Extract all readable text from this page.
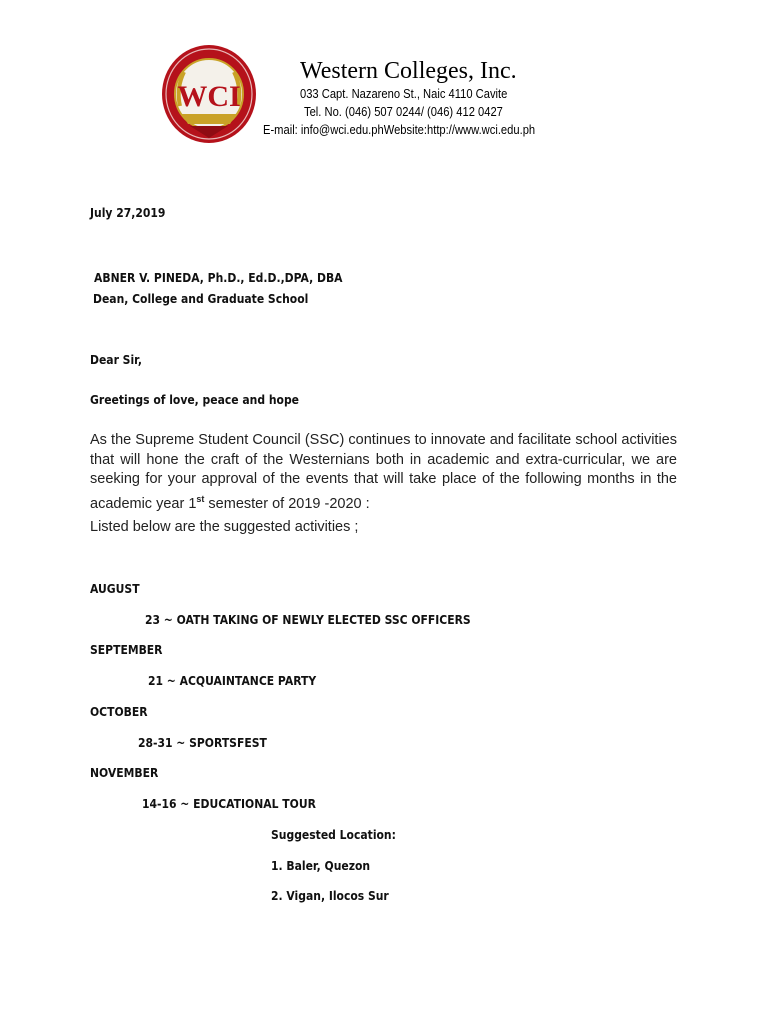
WCI
Western Colleges, Inc.
033 Capt. Nazareno St., Naic 4110 Cavite
Tel. No. (046) 507 0244/ (046) 412 0427
E-mail: info@wci.edu.phWebsite:http://www.wci.edu.ph
July 27,2019
ABNER V. PINEDA, Ph.D., Ed.D.,DPA, DBA
Dean, College and Graduate School
Dear Sir,
Greetings of love, peace and hope

As the Supreme Student Council (SSC) continues to innovate and facilitate school activities that will hone the craft of the Westernians both in academic and extra-curricular, we are seeking for your approval of the events that will take place of the following months in the academic year 1st semester of 2019 -2020 :

Listed below are the suggested activities ;

AUGUST
23 ~ OATH TAKING OF NEWLY ELECTED SSC OFFICERS
SEPTEMBER
21 ~ ACQUAINTANCE PARTY
OCTOBER
28-31 ~ SPORTSFEST
NOVEMBER
14-16 ~ EDUCATIONAL TOUR
Suggested Location:
1. Baler, Quezon
2. Vigan, Ilocos Sur
